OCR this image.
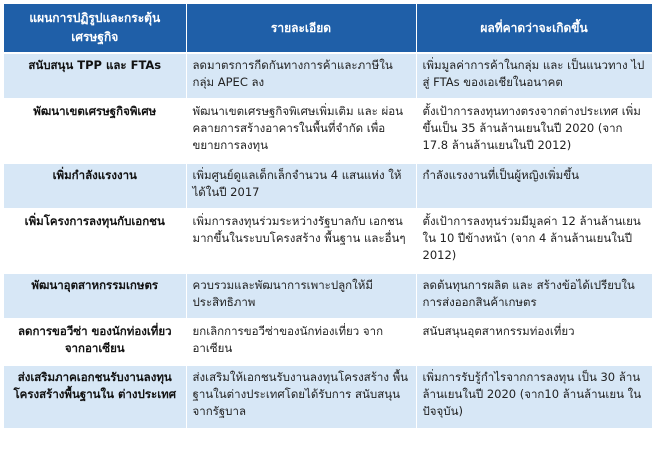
แผนการปฏิรูปและกระตุ้นเศรษฐกิจ	รายละเอียด	ผลที่คาดว่าจะเกิดขึ้น
สนับสนุน TPP และ FTAs	ลดมาตรการกีดกันทางการค้าและภาษีใน กลุ่ม APEC ลง	เพิ่มมูลค่าการค้าในกลุ่ม และ เป็นแนวทาง ไปสู่ FTAs ของเอเชียในอนาคต
พัฒนาเขตเศรษฐกิจพิเศษ	พัฒนาเขตเศรษฐกิจพิเศษเพิ่มเติม และ ผ่อนคลายการสร้างอาคารในพื้นที่จำกัด เพื่อขยายการลงทุน	ตั้งเป้าการลงทุนทางตรงจากต่างประเทศ เพิ่มขึ้นเป็น 35 ล้านล้านเยนในปี 2020 (จาก 17.8 ล้านล้านเยนในปี 2012)
เพิ่มกำลังแรงงาน	เพิ่มศูนย์ดูแลเด็กเล็กจำนวน 4 แสนแห่ง ให้ได้ในปี 2017	กำลังแรงงานที่เป็นผู้หญิงเพิ่มขึ้น
เพิ่มโครงการลงทุนกับเอกชน	เพิ่มการลงทุนร่วมระหว่างรัฐบาลกับ เอกชนมากขึ้นในระบบโครงสร้าง พื้นฐาน และอื่นๆ	ตั้งเป้าการลงทุนร่วมมีมูลค่า 12 ล้านล้านเยน ใน 10 ปีข้างหน้า (จาก 4 ล้านล้านเยนในปี 2012)
พัฒนาอุตสาหกรรมเกษตร	ควบรวมและพัฒนาการเพาะปลูกให้มี ประสิทธิภาพ	ลดต้นทุนการผลิต และ สร้างข้อได้เปรียบใน การส่งออกสินค้าเกษตร
ลดการขอวีซ่า ของนักท่องเที่ยว จากอาเซียน	ยกเลิกการขอวีซ่าของนักท่องเที่ยว จากอาเซียน	สนับสนุนอุตสาหกรรมท่องเที่ยว
ส่งเสริมภาคเอกชนรับงานลงทุน โครงสร้างพื้นฐานใน ต่างประเทศ	ส่งเสริมให้เอกชนรับงานลงทุนโครงสร้าง พื้นฐานในต่างประเทศโดยได้รับการ สนับสนุนจากรัฐบาล	เพิ่มการรับรู้กำไรจากการลงทุน เป็น 30 ล้าน ล้านเยนในปี 2020 (จาก10 ล้านล้านเยน ใน ปัจจุบัน)
